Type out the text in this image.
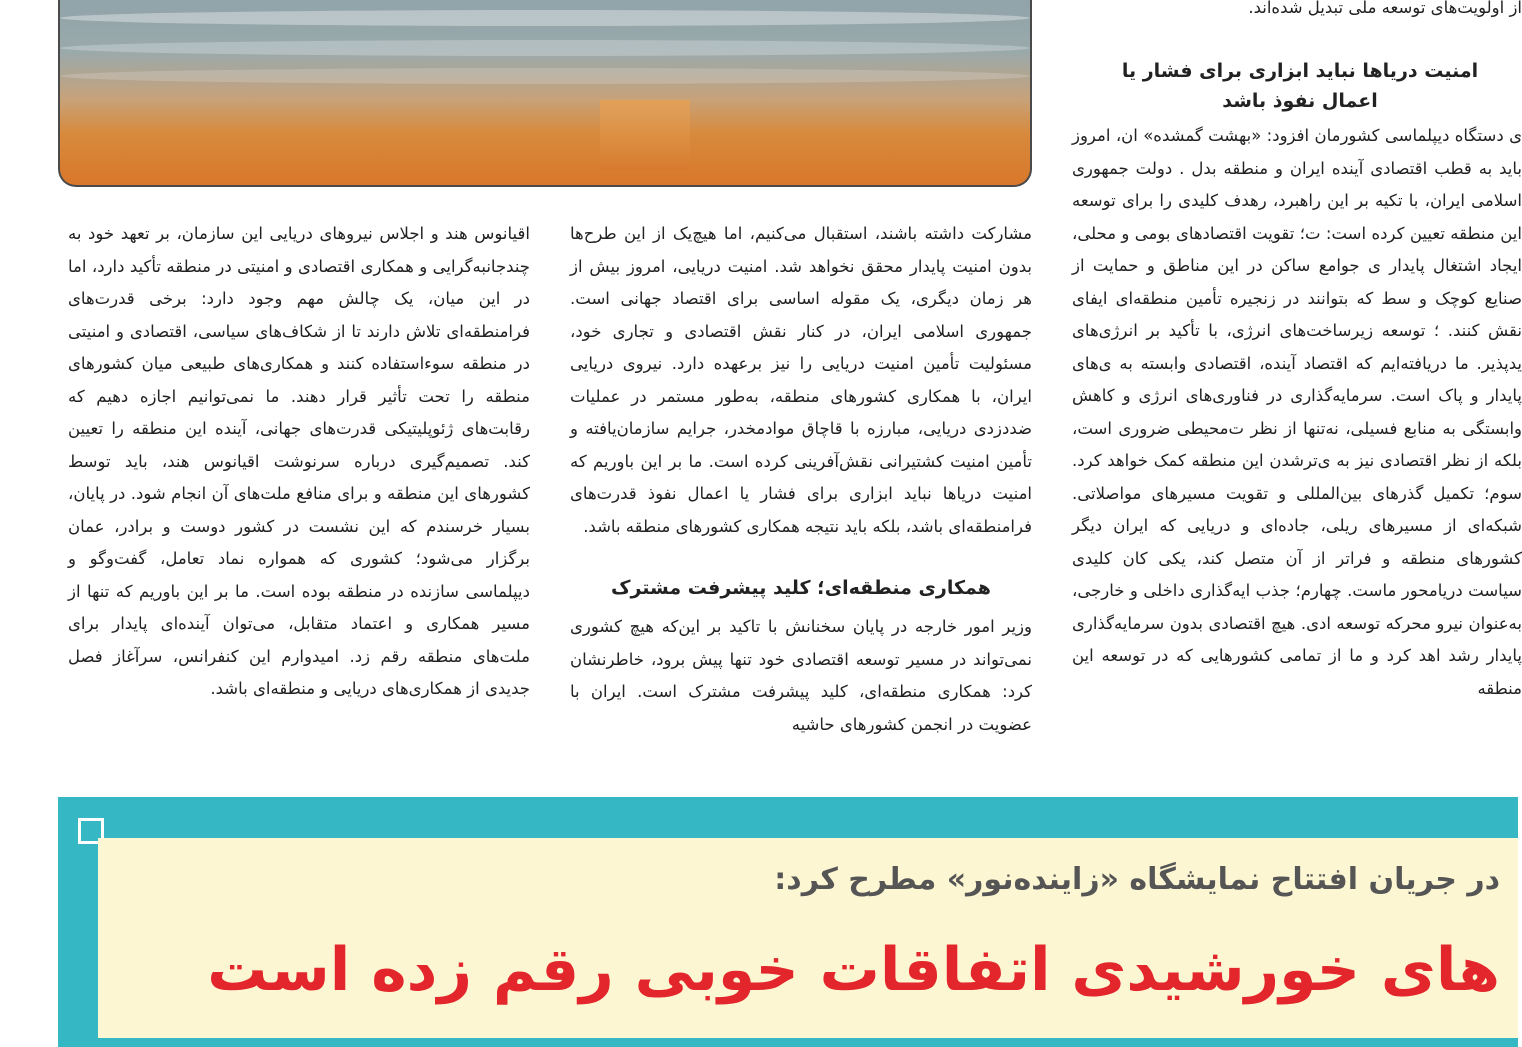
از اولویت‌های توسعه ملی تبدیل شده‌اند.

امنیت دریاها نباید ابزاری برای فشار یا اعمال نفوذ باشد

ی دستگاه دیپلماسی کشورمان افزود: «بهشت گمشده» ان، امروز باید به قطب اقتصادی آینده ایران و منطقه بدل . دولت جمهوری اسلامی ایران، با تکیه بر این راهبرد، رهدف کلیدی را برای توسعه این منطقه تعیین کرده است: ت؛ تقویت اقتصادهای بومی و محلی، ایجاد اشتغال پایدار ی جوامع ساکن در این مناطق و حمایت از صنایع کوچک و سط که بتوانند در زنجیره تأمین منطقه‌ای ایفای نقش کنند. ؛ توسعه زیرساخت‌های انرژی، با تأکید بر انرژی‌های یدپذیر. ما دریافته‌ایم که اقتصاد آینده، اقتصادی وابسته به ی‌های پایدار و پاک است. سرمایه‌گذاری در فناوری‌های انرژی و کاهش وابستگی به منابع فسیلی، نه‌تنها از نظر ت‌محیطی ضروری است، بلکه از نظر اقتصادی نیز به ی‌ترشدن این منطقه کمک خواهد کرد. سوم؛ تکمیل گذرهای بین‌المللی و تقویت مسیرهای مواصلاتی. شبکه‌ای از مسیرهای ریلی، جاده‌ای و دریایی که ایران دیگر کشورهای منطقه و فراتر از آن متصل کند، یکی کان کلیدی سیاست دریامحور ماست. چهارم؛ جذب ایه‌گذاری داخلی و خارجی، به‌عنوان نیرو محرکه توسعه ادی. هیچ اقتصادی بدون سرمایه‌گذاری پایدار رشد اهد کرد و ما از تمامی کشورهایی که در توسعه این منطقه

مشارکت داشته باشند، استقبال می‌کنیم، اما هیچ‌یک از این طرح‌ها بدون امنیت پایدار محقق نخواهد شد. امنیت دریایی، امروز بیش از هر زمان دیگری، یک مقوله اساسی برای اقتصاد جهانی است. جمهوری اسلامی ایران، در کنار نقش اقتصادی و تجاری خود، مسئولیت تأمین امنیت دریایی را نیز برعهده دارد. نیروی دریایی ایران، با همکاری کشورهای منطقه، به‌طور مستمر در عملیات ضددزدی دریایی، مبارزه با قاچاق موادمخدر، جرایم سازمان‌یافته و تأمین امنیت کشتیرانی نقش‌آفرینی کرده است. ما بر این باوریم که امنیت دریاها نباید ابزاری برای فشار یا اعمال نفوذ قدرت‌های فرامنطقه‌ای باشد، بلکه باید نتیجه همکاری کشورهای منطقه باشد.

همکاری منطقه‌ای؛ کلید پیشرفت مشترک

وزیر امور خارجه در پایان سخنانش با تاکید بر این‌که هیچ کشوری نمی‌تواند در مسیر توسعه اقتصادی خود تنها پیش برود، خاطرنشان کرد: همکاری منطقه‌ای، کلید پیشرفت مشترک است. ایران با عضویت در انجمن کشورهای حاشیه

اقیانوس هند و اجلاس نیروهای دریایی این سازمان، بر تعهد خود به چندجانبه‌گرایی و همکاری اقتصادی و امنیتی در منطقه تأکید دارد، اما در این میان، یک چالش مهم وجود دارد: برخی قدرت‌های فرامنطقه‌ای تلاش دارند تا از شکاف‌های سیاسی، اقتصادی و امنیتی در منطقه سوءاستفاده کنند و همکاری‌های طبیعی میان کشورهای منطقه را تحت تأثیر قرار دهند. ما نمی‌توانیم اجازه دهیم که رقابت‌های ژئوپلیتیکی قدرت‌های جهانی، آینده این منطقه را تعیین کند. تصمیم‌گیری درباره سرنوشت اقیانوس هند، باید توسط کشورهای این منطقه و برای منافع ملت‌های آن انجام شود. در پایان، بسیار خرسندم که این نشست در کشور دوست و برادر، عمان برگزار می‌شود؛ کشوری که همواره نماد تعامل، گفت‌وگو و دیپلماسی سازنده در منطقه بوده است. ما بر این باوریم که تنها از مسیر همکاری و اعتماد متقابل، می‌توان آینده‌ای پایدار برای ملت‌های منطقه رقم زد. امیدوارم این کنفرانس، سرآغاز فصل جدیدی از همکاری‌های دریایی و منطقه‌ای باشد.

در جریان افتتاح نمایشگاه «زاینده‌نور» مطرح کرد:
هاى خورشيدى اتفاقات خوبى رقم زده است
